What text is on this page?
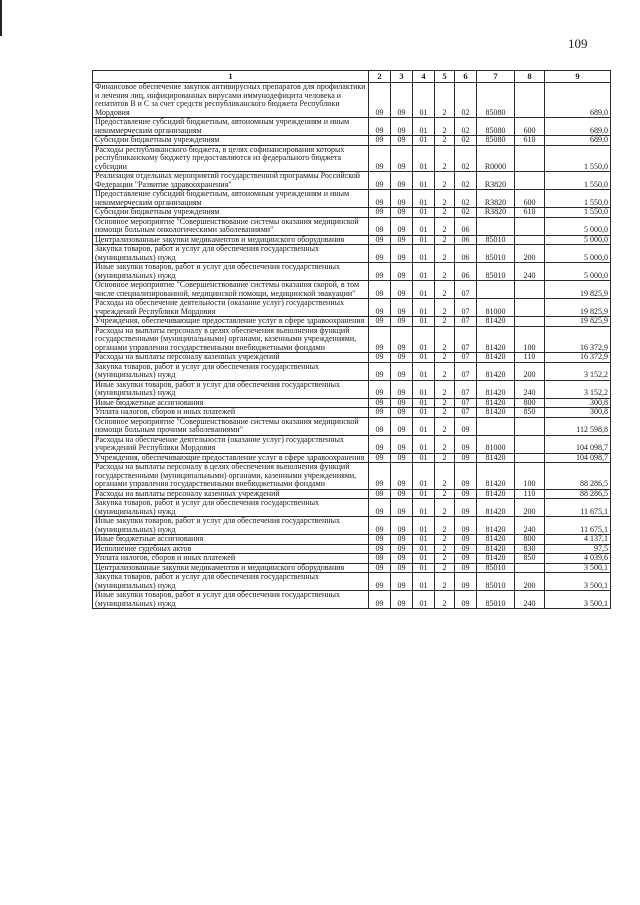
109
1	2	3	4	5	6	7	8	9
Финансовое обеспечение закупок антивирусных препаратов для профилактики и лечения лиц, инфицированных вирусами иммунодефицита человека и гепатитов B и C за счет средств республиканского бюджета Республики Мордовия	09	09	01	2	02	85080		689,0
Предоставление субсидий бюджетным, автономным учреждениям и иным некоммерческим организациям	09	09	01	2	02	85080	600	689,0
Субсидии бюджетным учреждениям	09	09	01	2	02	85080	610	689,0
Расходы республиканского бюджета, в целях софинансирования которых республиканскому бюджету предоставляются из федерального бюджета субсидии	09	09	01	2	02	R0000		1 550,0
Реализация отдельных мероприятий государственной программы Российской Федерации "Развитие здравоохранения"	09	09	01	2	02	R3820		1 550,0
Предоставление субсидий бюджетным, автономным учреждениям и иным некоммерческим организациям	09	09	01	2	02	R3820	600	1 550,0
Субсидии бюджетным учреждениям	09	09	01	2	02	R3820	610	1 550,0
Основное мероприятие "Совершенствование системы оказания медицинской помощи больным онкологическими заболеваниями"	09	09	01	2	06			5 000,0
Централизованные закупки медикаментов и медицинского оборудования	09	09	01	2	06	85010		5 000,0
Закупка товаров, работ и услуг для обеспечения государственных (муниципальных) нужд	09	09	01	2	06	85010	200	5 000,0
Иные закупки товаров, работ и услуг для обеспечения государственных (муниципальных) нужд	09	09	01	2	06	85010	240	5 000,0
Основное мероприятие "Совершенствование системы оказания скорой, в том числе специализированной, медицинской помощи, медицинской эвакуации"	09	09	01	2	07			19 825,9
Расходы на обеспечение деятельности (оказание услуг) государственных учреждений Республики Мордовия	09	09	01	2	07	81000		19 825,9
Учреждения, обеспечивающие предоставление услуг в сфере здравоохранения	09	09	01	2	07	81420		19 825,9
Расходы на выплаты персоналу в целях обеспечения выполнения функций государственными (муниципальными) органами, казенными учреждениями, органами управления государственными внебюджетными фондами	09	09	01	2	07	81420	100	16 372,9
Расходы на выплаты персоналу казенных учреждений	09	09	01	2	07	81420	110	16 372,9
Закупка товаров, работ и услуг для обеспечения государственных (муниципальных) нужд	09	09	01	2	07	81420	200	3 152,2
Иные закупки товаров, работ и услуг для обеспечения государственных (муниципальных) нужд	09	09	01	2	07	81420	240	3 152,2
Иные бюджетные ассигнования	09	09	01	2	07	81420	800	300,8
Уплата налогов, сборов и иных платежей	09	09	01	2	07	81420	850	300,8
Основное мероприятие "Совершенствование системы оказания медицинской помощи больным прочими заболеваниями"	09	09	01	2	09			112 598,8
Расходы на обеспечение деятельности (оказание услуг) государственных учреждений Республики Мордовия	09	09	01	2	09	81000		104 098,7
Учреждения, обеспечивающие предоставление услуг в сфере здравоохранения	09	09	01	2	09	81420		104 098,7
Расходы на выплаты персоналу в целях обеспечения выполнения функций государственными (муниципальными) органами, казенными учреждениями, органами управления государственными внебюджетными фондами	09	09	01	2	09	81420	100	88 286,5
Расходы на выплаты персоналу казенных учреждений	09	09	01	2	09	81420	110	88 286,5
Закупка товаров, работ и услуг для обеспечения государственных (муниципальных) нужд	09	09	01	2	09	81420	200	11 675,1
Иные закупки товаров, работ и услуг для обеспечения государственных (муниципальных) нужд	09	09	01	2	09	81420	240	11 675,1
Иные бюджетные ассигнования	09	09	01	2	09	81420	800	4 137,1
Исполнение судебных актов	09	09	01	2	09	81420	830	97,5
Уплата налогов, сборов и иных платежей	09	09	01	2	09	81420	850	4 039,6
Централизованные закупки медикаментов и медицинского оборудования	09	09	01	2	09	85010		3 500,1
Закупка товаров, работ и услуг для обеспечения государственных (муниципальных) нужд	09	09	01	2	09	85010	200	3 500,1
Иные закупки товаров, работ и услуг для обеспечения государственных (муниципальных) нужд	09	09	01	2	09	85010	240	3 500,1
